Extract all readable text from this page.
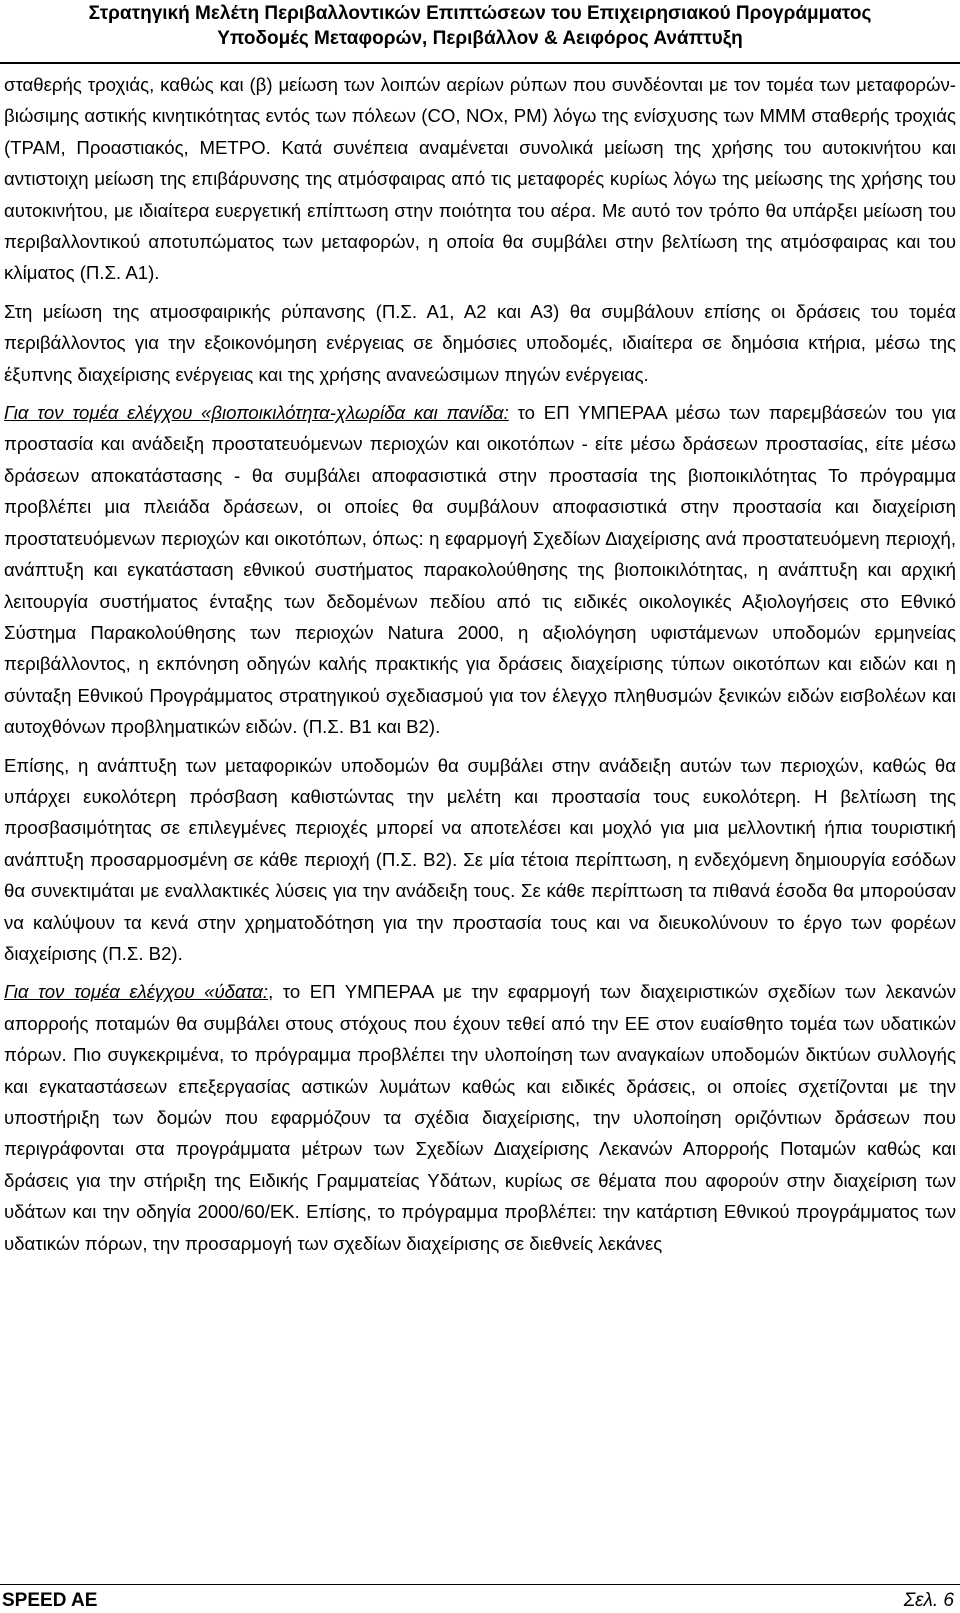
Στρατηγική Μελέτη Περιβαλλοντικών Επιπτώσεων του Επιχειρησιακού Προγράμματος
Υποδομές Μεταφορών, Περιβάλλον & Αειφόρος Ανάπτυξη

σταθερής τροχιάς, καθώς και (β) μείωση των λοιπών αερίων ρύπων που συνδέονται με τον τομέα των μεταφορών- βιώσιμης αστικής κινητικότητας εντός των πόλεων (CO, NOx, PM) λόγω της ενίσχυσης των ΜΜΜ σταθερής τροχιάς (ΤΡΑΜ, Προαστιακός, ΜΕΤΡΟ. Κατά συνέπεια αναμένεται συνολικά μείωση της χρήσης του αυτοκινήτου και αντιστοιχη μείωση της επιβάρυνσης της ατμόσφαιρας από τις μεταφορές κυρίως λόγω της μείωσης της χρήσης του αυτοκινήτου, με ιδιαίτερα ευεργετική επίπτωση στην ποιότητα του αέρα. Με αυτό τον τρόπο θα υπάρξει μείωση του περιβαλλοντικού αποτυπώματος των μεταφορών, η οποία θα συμβάλει στην βελτίωση της ατμόσφαιρας και του κλίματος (Π.Σ. Α1).

Στη μείωση της ατμοσφαιρικής ρύπανσης (Π.Σ. Α1, Α2 και Α3) θα συμβάλουν επίσης οι δράσεις του τομέα περιβάλλοντος για την εξοικονόμηση ενέργειας σε δημόσιες υποδομές, ιδιαίτερα σε δημόσια κτήρια, μέσω της έξυπνης διαχείρισης ενέργειας και της χρήσης ανανεώσιμων πηγών ενέργειας.

Για τον τομέα ελέγχου «βιοποικιλότητα-χλωρίδα και πανίδα: το ΕΠ ΥΜΠΕΡΑΑ μέσω των παρεμβάσεών του για προστασία και ανάδειξη προστατευόμενων περιοχών και οικοτόπων - είτε μέσω δράσεων προστασίας, είτε μέσω δράσεων αποκατάστασης - θα συμβάλει αποφασιστικά στην προστασία της βιοποικιλότητας Το πρόγραμμα προβλέπει μια πλειάδα δράσεων, οι οποίες θα συμβάλουν αποφασιστικά στην προστασία και διαχείριση προστατευόμενων περιοχών και οικοτόπων, όπως: η εφαρμογή Σχεδίων Διαχείρισης ανά προστατευόμενη περιοχή, ανάπτυξη και εγκατάσταση εθνικού συστήματος παρακολούθησης της βιοποικιλότητας, η ανάπτυξη και αρχική λειτουργία συστήματος ένταξης των δεδομένων πεδίου από τις ειδικές οικολογικές Αξιολογήσεις στο Εθνικό Σύστημα Παρακολούθησης των περιοχών Natura 2000, η αξιολόγηση υφιστάμενων υποδομών ερμηνείας περιβάλλοντος, η εκπόνηση οδηγών καλής πρακτικής για δράσεις διαχείρισης τύπων οικοτόπων και ειδών και η σύνταξη Εθνικού Προγράμματος στρατηγικού σχεδιασμού για τον έλεγχο πληθυσμών ξενικών ειδών εισβολέων και αυτοχθόνων προβληματικών ειδών. (Π.Σ. Β1 και Β2).

Επίσης, η ανάπτυξη των μεταφορικών υποδομών θα συμβάλει στην ανάδειξη αυτών των περιοχών, καθώς θα υπάρχει ευκολότερη πρόσβαση καθιστώντας την μελέτη και προστασία τους ευκολότερη. Η βελτίωση της προσβασιμότητας σε επιλεγμένες περιοχές μπορεί να αποτελέσει και μοχλό για μια μελλοντική ήπια τουριστική ανάπτυξη προσαρμοσμένη σε κάθε περιοχή (Π.Σ. Β2). Σε μία τέτοια περίπτωση, η ενδεχόμενη δημιουργία εσόδων θα συνεκτιμάται με εναλλακτικές λύσεις για την ανάδειξη τους. Σε κάθε περίπτωση τα πιθανά έσοδα θα μπορούσαν να καλύψουν τα κενά στην χρηματοδότηση για την προστασία τους και να διευκολύνουν το έργο των φορέων διαχείρισης (Π.Σ. Β2).

Για τον τομέα ελέγχου «ύδατα:, το ΕΠ ΥΜΠΕΡΑΑ με την εφαρμογή των διαχειριστικών σχεδίων των λεκανών απορροής ποταμών θα συμβάλει στους στόχους που έχουν τεθεί από την ΕΕ στον ευαίσθητο τομέα των υδατικών πόρων. Πιο συγκεκριμένα, το πρόγραμμα προβλέπει την υλοποίηση των αναγκαίων υποδομών δικτύων συλλογής και εγκαταστάσεων επεξεργασίας αστικών λυμάτων καθώς και ειδικές δράσεις, οι οποίες σχετίζονται με την υποστήριξη των δομών που εφαρμόζουν τα σχέδια διαχείρισης, την υλοποίηση οριζόντιων δράσεων που περιγράφονται στα προγράμματα μέτρων των Σχεδίων Διαχείρισης Λεκανών Απορροής Ποταμών καθώς και δράσεις για την στήριξη της Ειδικής Γραμματείας Υδάτων, κυρίως σε θέματα που αφορούν στην διαχείριση των υδάτων και την οδηγία 2000/60/ΕΚ. Επίσης, το πρόγραμμα προβλέπει: την κατάρτιση Εθνικού προγράμματος των υδατικών πόρων, την προσαρμογή των σχεδίων διαχείρισης σε διεθνείς λεκάνες

SPEED AE	Σελ. 6
